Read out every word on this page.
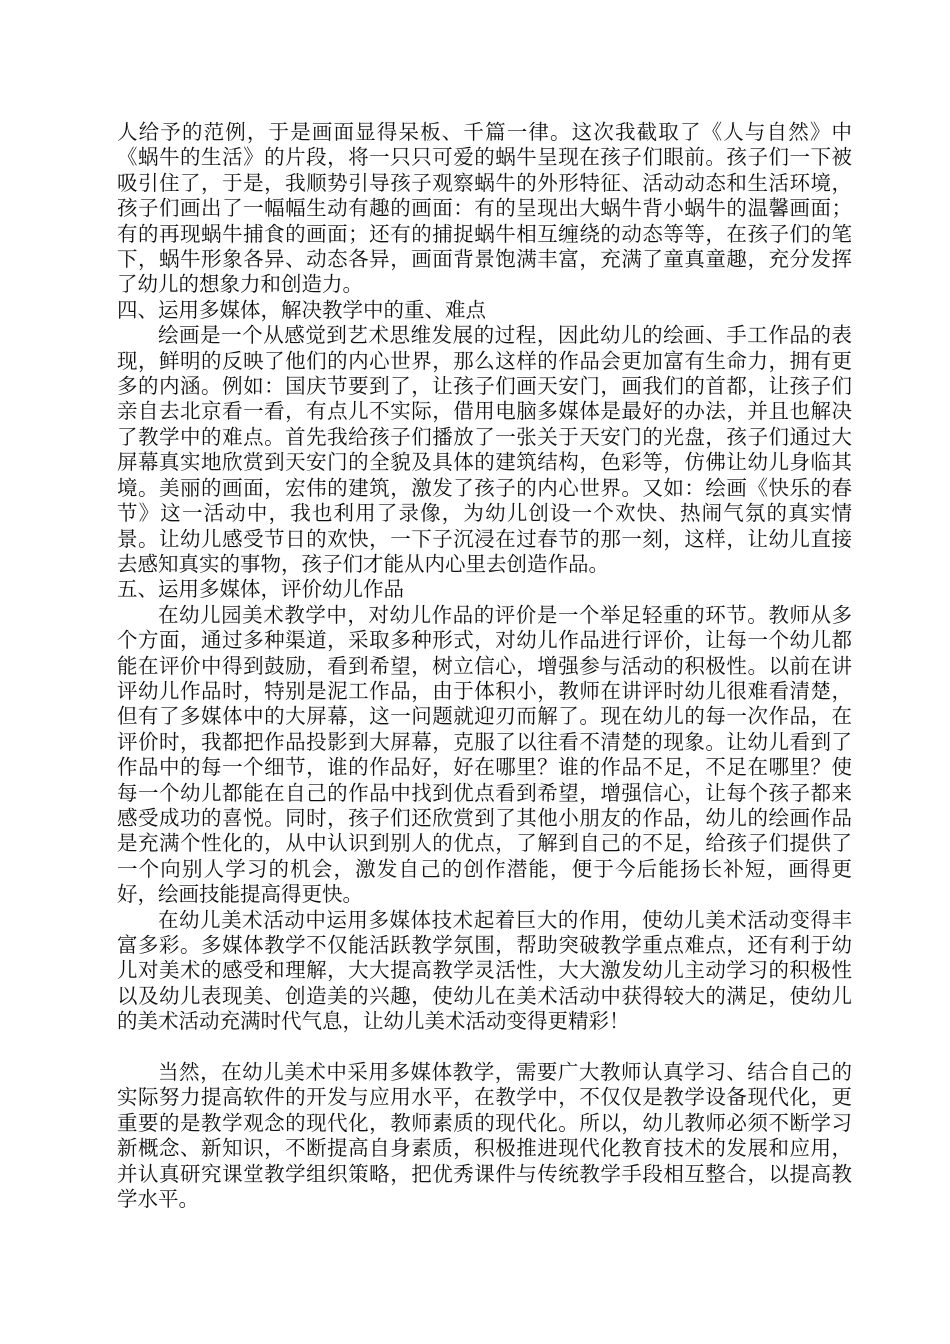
人给予的范例，于是画面显得呆板、千篇一律。这次我截取了《人与自然》中《蜗牛的生活》的片段，将一只只可爱的蜗牛呈现在孩子们眼前。孩子们一下被吸引住了，于是，我顺势引导孩子观察蜗牛的外形特征、活动动态和生活环境，孩子们画出了一幅幅生动有趣的画面：有的呈现出大蜗牛背小蜗牛的温馨画面；有的再现蜗牛捕食的画面；还有的捕捉蜗牛相互缠绕的动态等等，在孩子们的笔下，蜗牛形象各异、动态各异，画面背景饱满丰富，充满了童真童趣，充分发挥了幼儿的想象力和创造力。

四、运用多媒体，解决教学中的重、难点

绘画是一个从感觉到艺术思维发展的过程，因此幼儿的绘画、手工作品的表现，鲜明的反映了他们的内心世界，那么这样的作品会更加富有生命力，拥有更多的内涵。例如：国庆节要到了，让孩子们画天安门，画我们的首都，让孩子们亲自去北京看一看，有点儿不实际，借用电脑多媒体是最好的办法，并且也解决了教学中的难点。首先我给孩子们播放了一张关于天安门的光盘，孩子们通过大屏幕真实地欣赏到天安门的全貌及具体的建筑结构，色彩等，仿佛让幼儿身临其境。美丽的画面，宏伟的建筑，激发了孩子的内心世界。又如：绘画《快乐的春节》这一活动中，我也利用了录像，为幼儿创设一个欢快、热闹气氛的真实情景。让幼儿感受节日的欢快，一下子沉浸在过春节的那一刻，这样，让幼儿直接去感知真实的事物，孩子们才能从内心里去创造作品。

五、运用多媒体，评价幼儿作品

在幼儿园美术教学中，对幼儿作品的评价是一个举足轻重的环节。教师从多个方面，通过多种渠道，采取多种形式，对幼儿作品进行评价，让每一个幼儿都能在评价中得到鼓励，看到希望，树立信心，增强参与活动的积极性。以前在讲评幼儿作品时，特别是泥工作品，由于体积小，教师在讲评时幼儿很难看清楚，但有了多媒体中的大屏幕，这一问题就迎刃而解了。现在幼儿的每一次作品，在评价时，我都把作品投影到大屏幕，克服了以往看不清楚的现象。让幼儿看到了作品中的每一个细节，谁的作品好，好在哪里？谁的作品不足，不足在哪里？使每一个幼儿都能在自己的作品中找到优点看到希望，增强信心，让每个孩子都来感受成功的喜悦。同时，孩子们还欣赏到了其他小朋友的作品，幼儿的绘画作品是充满个性化的，从中认识到别人的优点，了解到自己的不足，给孩子们提供了一个向别人学习的机会，激发自己的创作潜能，便于今后能扬长补短，画得更好，绘画技能提高得更快。

在幼儿美术活动中运用多媒体技术起着巨大的作用，使幼儿美术活动变得丰富多彩。多媒体教学不仅能活跃教学氛围，帮助突破教学重点难点，还有利于幼儿对美术的感受和理解，大大提高教学灵活性，大大激发幼儿主动学习的积极性以及幼儿表现美、创造美的兴趣，使幼儿在美术活动中获得较大的满足，使幼儿的美术活动充满时代气息，让幼儿美术活动变得更精彩！

当然，在幼儿美术中采用多媒体教学，需要广大教师认真学习、结合自己的实际努力提高软件的开发与应用水平，在教学中，不仅仅是教学设备现代化，更重要的是教学观念的现代化，教师素质的现代化。所以，幼儿教师必须不断学习新概念、新知识，不断提高自身素质，积极推进现代化教育技术的发展和应用，并认真研究课堂教学组织策略，把优秀课件与传统教学手段相互整合，以提高教学水平。
